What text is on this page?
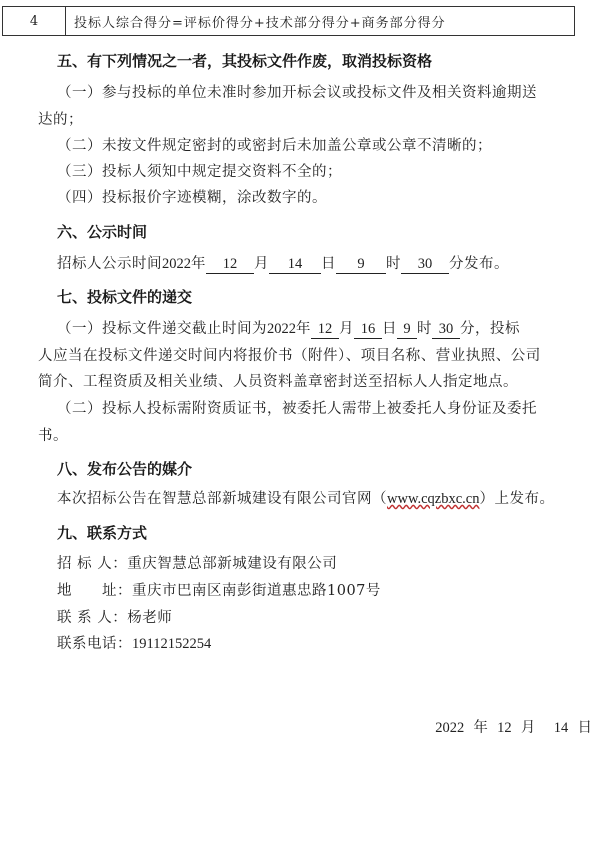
4	投标人综合得分=评标价得分+技术部分得分+商务部分得分
五、有下列情况之一者，其投标文件作废，取消投标资格
（一）参与投标的单位未准时参加开标会议或投标文件及相关资料逾期送
达的；
（二）未按文件规定密封的或密封后未加盖公章或公章不清晰的；
（三）投标人须知中规定提交资料不全的；
（四）投标报价字迹模糊，涂改数字的。
六、公示时间
招标人公示时间2022年 12 月 14 日 9 时 30 分发布。
七、投标文件的递交
（一）投标文件递交截止时间为2022年 12 月 16 日 9 时 30 分，投标
人应当在投标文件递交时间内将报价书（附件）、项目名称、营业执照、公司
简介、工程资质及相关业绩、人员资料盖章密封送至招标人人指定地点。
（二）投标人投标需附资质证书，被委托人需带上被委托人身份证及委托
书。
八、发布公告的媒介
本次招标公告在智慧总部新城建设有限公司官网（www.cqzbxc.cn）上发布。
九、联系方式
招 标 人：重庆智慧总部新城建设有限公司
地　　址：重庆市巴南区南彭街道惠忠路1007号
联 系 人：杨老师
联系电话：19112152254
2022 年 12 月 14 日
